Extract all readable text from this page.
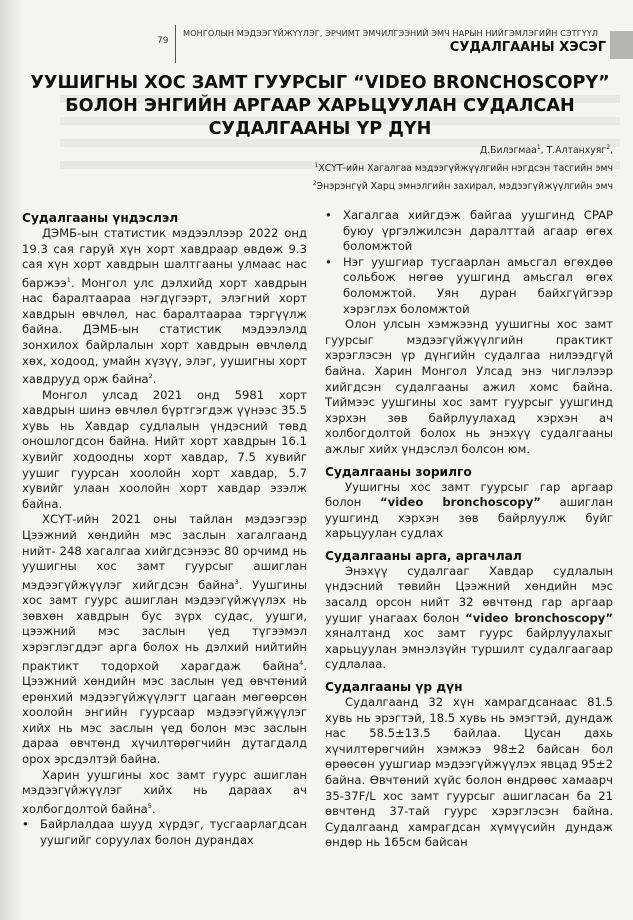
79
МОНГОЛЫН МЭДЭЭГҮЙЖҮҮЛЭГ, ЭРЧИМТ ЭМЧИЛГЭЭНИЙ ЭМЧ НАРЫН НИЙГЭМЛЭГИЙН СЭТГҮҮЛ
СУДАЛГААНЫ ХЭСЭГ
УУШИГНЫ ХОС ЗАМТ ГУУРСЫГ “VIDEO BRONCHOSCOPY”
БОЛОН ЭНГИЙН АРГААР ХАРЬЦУУЛАН СУДАЛСАН
СУДАЛГААНЫ ҮР ДҮН
Д.Билэгмаа$^1$, Т.Алтанхуяг$^2$,
$^1$ХСҮТ-ийн Хагалгаа мэдээгүйжүүлгийн нэгдсэн тасгийн эмч
$^2$Энэрэнгүй Харц эмнэлгийн захирал, мэдээгүйжүүлгийн эмч
Судалгааны үндэслэл

ДЭМБ-ын статистик мэдээллээр 2022 онд 19.3 сая гаруй хүн хорт хавдраар өвдөж 9.3 сая хүн хорт хавдрын шалтгааны улмаас нас баржээ$^1$. Монгол улс дэлхийд хорт хавдрын нас баралтаараа нэгдүгээрт, элэгний хорт хавдрын өвчлөл, нас баралтаараа тэргүүлж байна. ДЭМБ-ын статистик мэдээлэлд зонхилох байрлалын хорт хавдрын өвчлөлд хөх, ходоод, умайн хүзүү, элэг, уушигны хорт хавдрууд орж байна$^2$.

Монгол улсад 2021 онд 5981 хорт хавдрын шинэ өвчлөл бүртгэгдэж үүнээс 35.5 хувь нь Хавдар судлалын үндэсний төвд оношлогдсон байна. Нийт хорт хавдрын 16.1 хувийг ходоодны хорт хавдар, 7.5 хувийг уушиг гуурсан хоолойн хорт хавдар, 5.7 хувийг улаан хоолойн хорт хавдар эзэлж байна.

ХСҮТ-ийн 2021 оны тайлан мэдээгээр Цээжний хөндийн мэс заслын хагалгаанд нийт- 248 хагалгаа хийгдсэнээс 80 орчимд нь уушигны хос замт гуурсыг ашиглан мэдээгүйжүүлэг хийгдсэн байна$^3$. Уушгины хос замт гуурс ашиглан мэдээгүйжүүлэх нь зөвхөн хавдрын бус зүрх судас, уушги, цээжний мэс заслын үед түгээмэл хэрэглэгддэг арга болох нь дэлхий нийтийн практикт тодорхой харагдаж байна$^4$. Цээжний хөндийн мэс заслын үед өвчтөний ерөнхий мэдээгүйжүүлэгт цагаан мөгөөрсөн хоолойн энгийн гуурсаар мэдээгүйжүүлэг хийх нь мэс заслын үед болон мэс заслын дараа өвчтөнд хүчилтөрөгчийн дутагдалд орох эрсдэлтэй байна.

Харин уушгины хос замт гуурс ашиглан мэдээгүйжүүлэг хийх нь дараах ач холбогдолтой байна$^5$.

• Байрлалдаа шууд хүрдэг, тусгаарлагдсан уушгийг соруулах болон дурандах
• Хагалгаа хийгдэж байгаа уушгинд CPAP буюу үргэлжилсэн даралттай агаар өгөх боломжтой
• Нэг уушгиар тусгаарлан амьсгал өгөхдөө сольбож нөгөө уушгинд амьсгал өгөх боломжтой. Уян дуран байхгүйгээр хэрэглэх боломжтой

Олон улсын хэмжээнд уушигны хос замт гуурсыг мэдээгүйжүүлгийн практикт хэрэглэсэн үр дүнгийн судалгаа нилээдгүй байна. Харин Монгол Улсад энэ чиглэлээр хийгдсэн судалгааны ажил хомс байна. Тиймээс уушгины хос замт гуурсыг уушгинд хэрхэн зөв байрлуулахад хэрхэн ач холбогдолтой болох нь энэхүү судалгааны ажлыг хийх үндэслэл болсон юм.

Судалгааны зорилго

Уушигны хос замт гуурсыг гар аргаар болон “video bronchoscopy” ашиглан уушгинд хэрхэн зөв байрлуулж буйг харьцуулан судлах

Судалгааны арга, аргачлал

Энэхүү судалгааг Хавдар судлалын үндэсний төвийн Цээжний хөндийн мэс засалд орсон нийт 32 өвчтөнд гар аргаар уушиг унагаах болон “video bronchoscopy” хяналтанд хос замт гуурс байрлуулахыг харьцуулан эмнэлзүйн туршилт судалгаагаар судлалаа.

Судалгааны үр дүн

Судалгаанд 32 хүн хамрагдсанаас 81.5 хувь нь эрэгтэй, 18.5 хувь нь эмэгтэй, дундаж нас 58.5±13.5 байлаа. Цусан дахь хүчилтөрөгчийн хэмжээ 98±2 байсан бол өрөөсөн уушгиар мэдээгүйжүүлэх явцад 95±2 байна. Өвчтөний хүйс болон өндрөөс хамаарч 35-37F/L хос замт гуурсыг ашигласан ба 21 өвчтөнд 37-тай гуурс хэрэглэсэн байна. Судалгаанд хамрагдсан хүмүүсийн дундаж өндөр нь 165см байсан
